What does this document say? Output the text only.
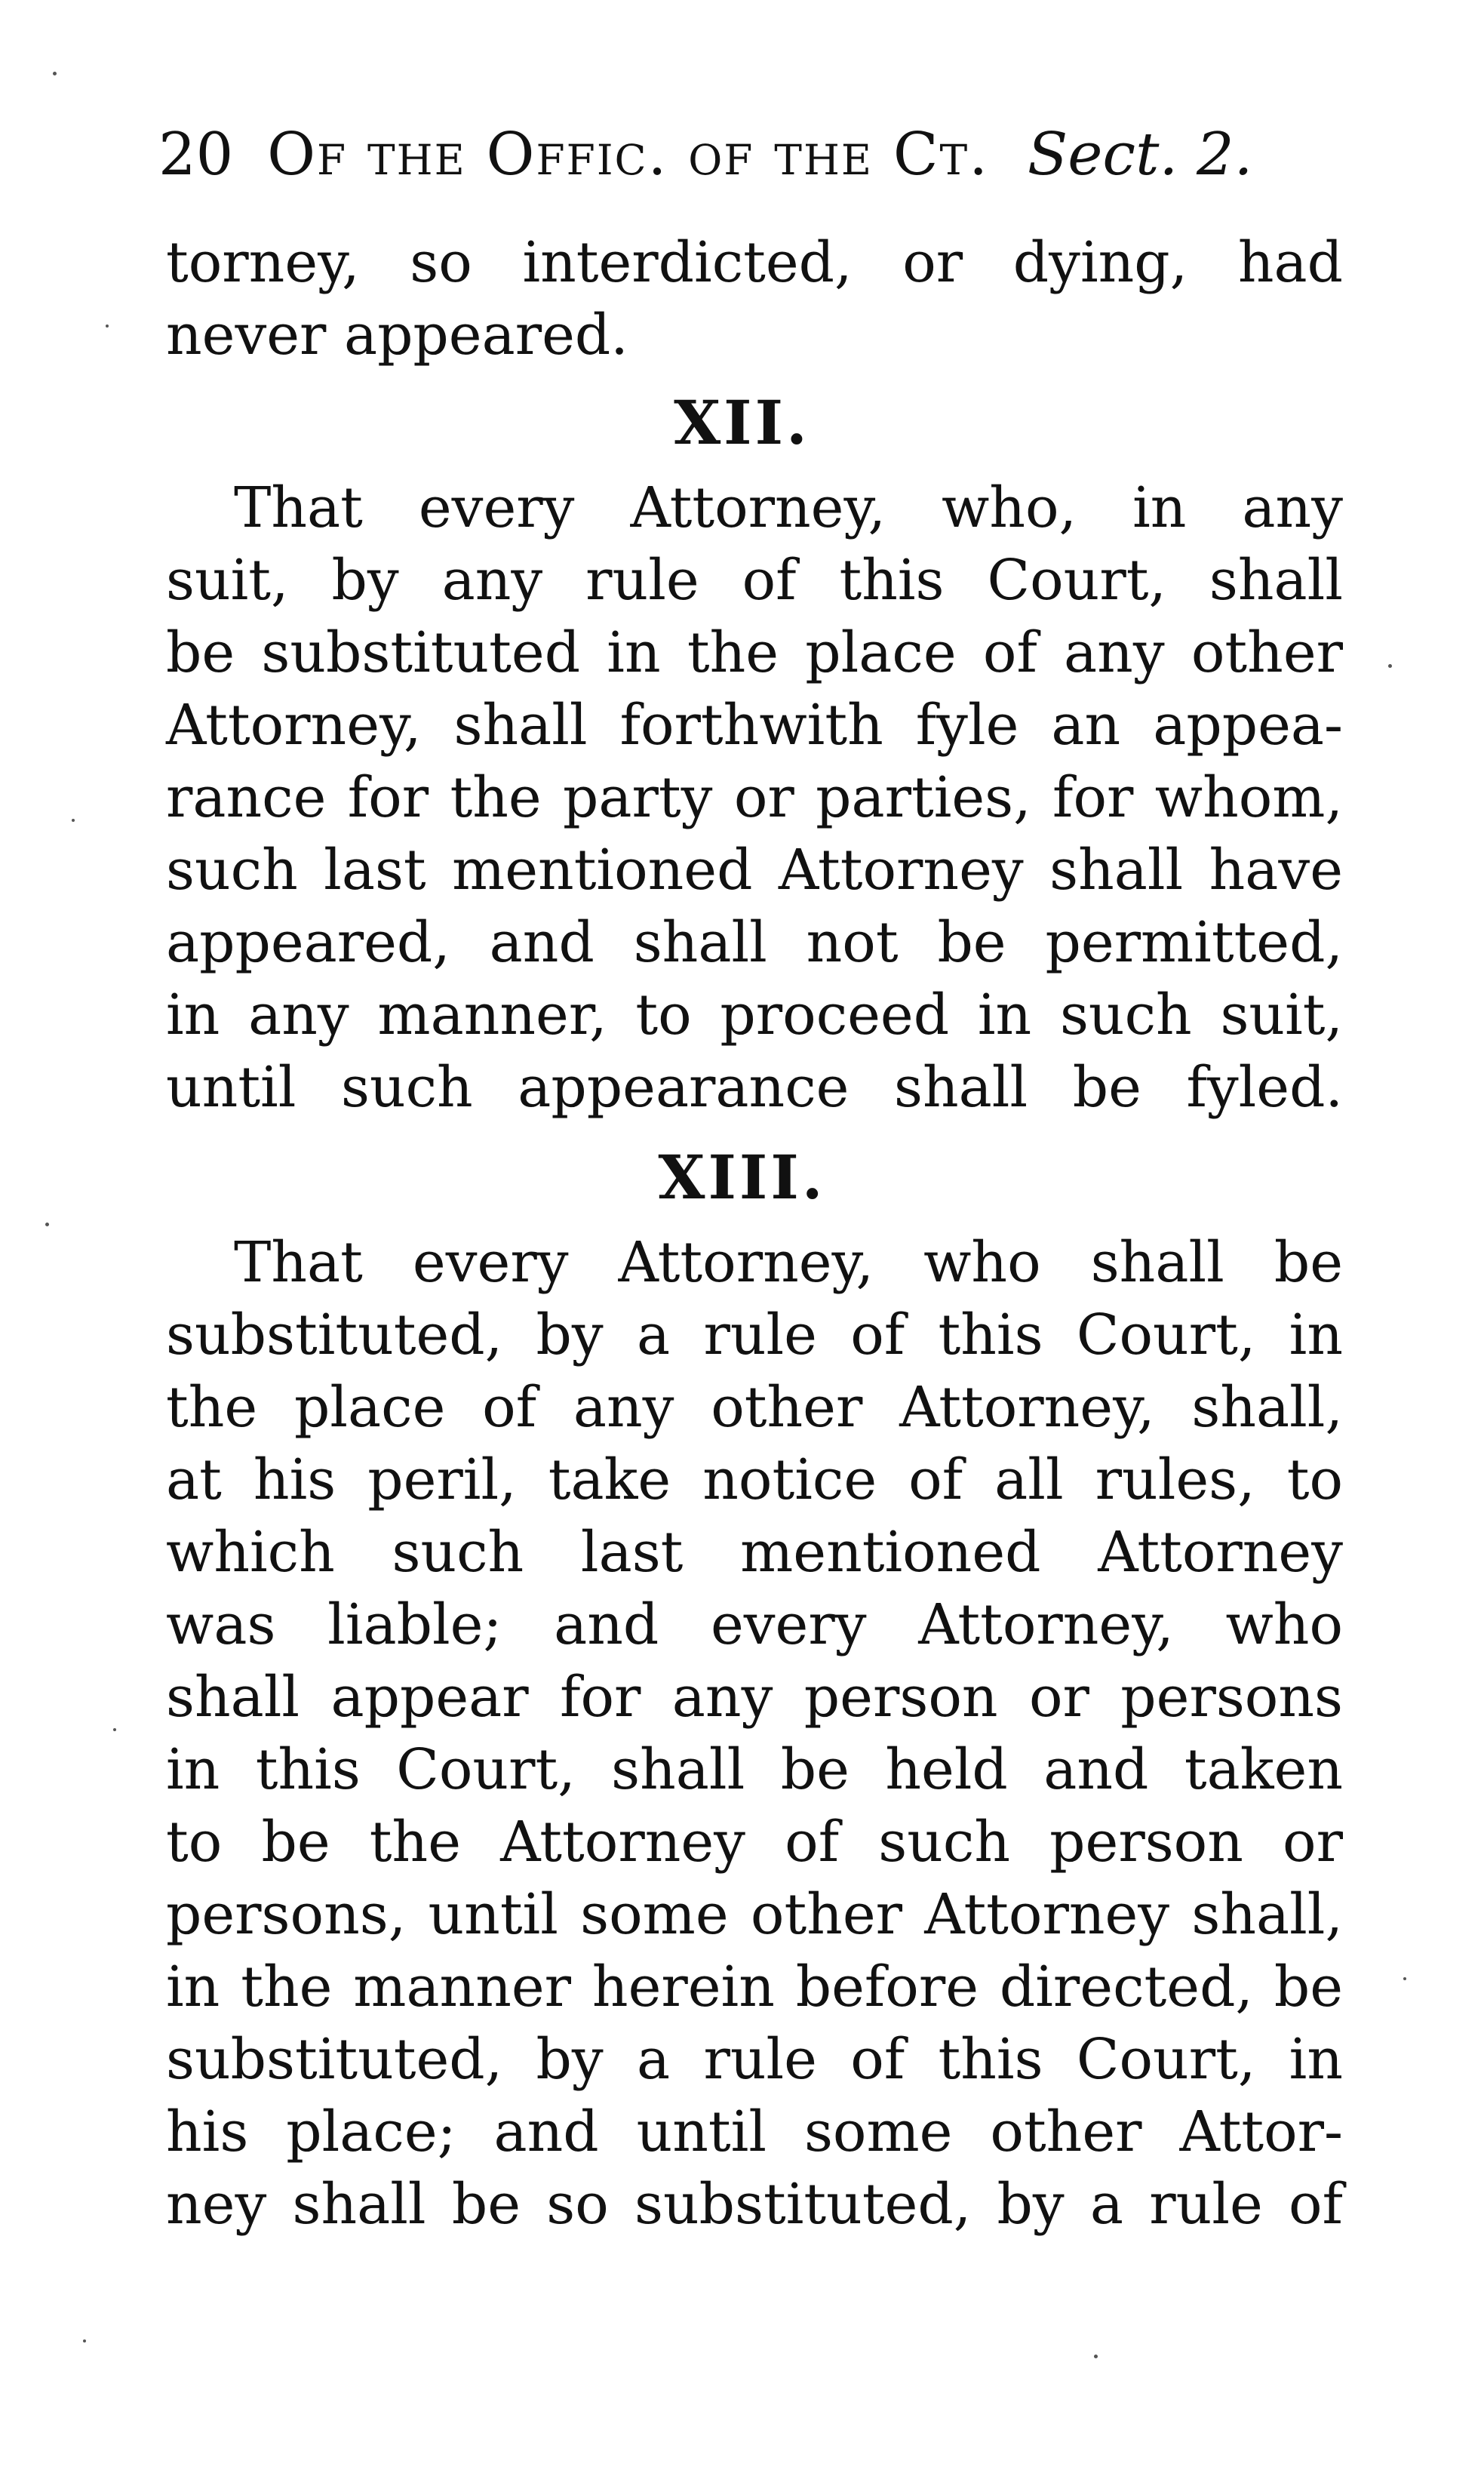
20 Of the Offic. of the Ct. Sect. 2.
torney, so interdicted, or dying, had
never appeared.
XII.
That every Attorney, who, in any
suit, by any rule of this Court, shall
be substituted in the place of any other
Attorney, shall forthwith fyle an appea-
rance for the party or parties, for whom,
such last mentioned Attorney shall have
appeared, and shall not be permitted,
in any manner, to proceed in such suit,
until such appearance shall be fyled.
XIII.
That every Attorney, who shall be
substituted, by a rule of this Court, in
the place of any other Attorney, shall,
at his peril, take notice of all rules, to
which such last mentioned Attorney
was liable; and every Attorney, who
shall appear for any person or persons
in this Court, shall be held and taken
to be the Attorney of such person or
persons, until some other Attorney shall,
in the manner herein before directed, be
substituted, by a rule of this Court, in
his place; and until some other Attor-
ney shall be so substituted, by a rule of
